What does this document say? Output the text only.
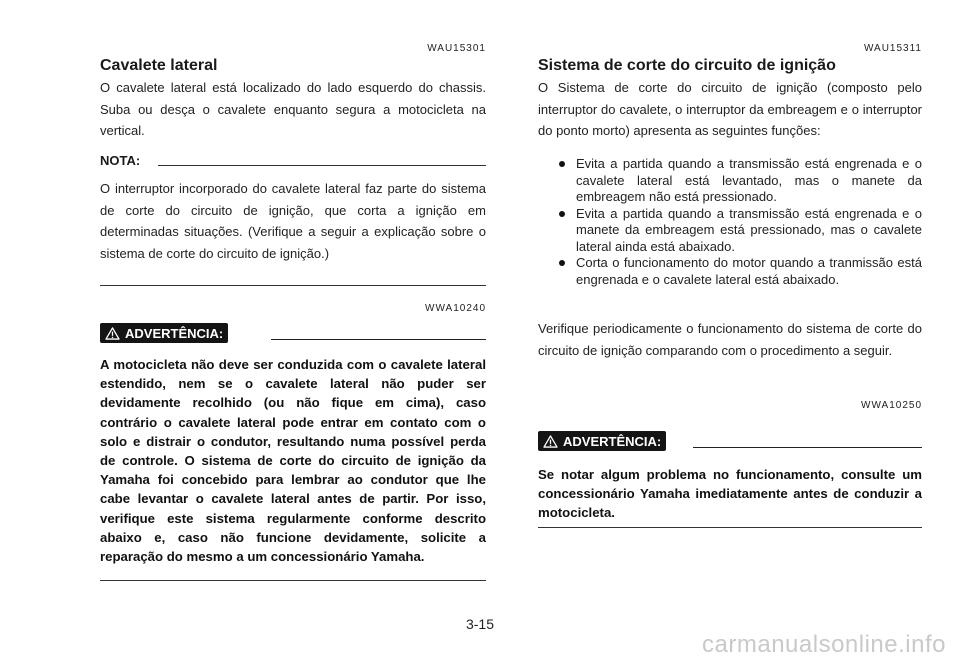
WAU15301
Cavalete lateral
O cavalete lateral está localizado do lado esquerdo do chassis. Suba ou desça o cavalete enquanto segura a motocicleta na vertical.
NOTA:
O interruptor incorporado do cavalete lateral faz parte do sistema de corte do circuito de ignição, que corta a ignição em determinadas situações. (Verifique a seguir a explicação sobre o sistema de corte do circuito de ignição.)
WWA10240
ADVERTÊNCIA:
A motocicleta não deve ser conduzida com o cavalete lateral estendido, nem se o cavalete lateral não puder ser devidamente recolhido (ou não fique em cima), caso contrário o cavalete lateral pode entrar em contato com o solo e distrair o condutor, resultando numa possível perda de controle. O sistema de corte do circuito de ignição da Yamaha foi concebido para lembrar ao condutor que lhe cabe levantar o cavalete lateral antes de partir. Por isso, verifique este sistema regularmente conforme descrito abaixo e, caso não funcione devidamente, solicite a reparação do mesmo a um concessionário Yamaha.
WAU15311
Sistema de corte do circuito de ignição
O Sistema de corte do circuito de ignição (composto pelo interruptor do cavalete, o interruptor da embreagem e o interruptor do ponto morto) apresenta as seguintes funções:
Evita a partida quando a transmissão está engrenada e o cavalete lateral está levantado, mas o manete da embreagem não está pressionado.
Evita a partida quando a transmissão está engrenada e o manete da embreagem está pressionado, mas o cavalete lateral ainda está abaixado.
Corta o funcionamento do motor quando a tranmissão está engrenada e o cavalete lateral está abaixado.
Verifique periodicamente o funcionamento do sistema de corte do circuito de ignição comparando com o procedimento a seguir.
WWA10250
ADVERTÊNCIA:
Se notar algum problema no funcionamento, consulte um concessionário Yamaha imediatamente antes de conduzir a motocicleta.
3-15
carmanualsonline.info
